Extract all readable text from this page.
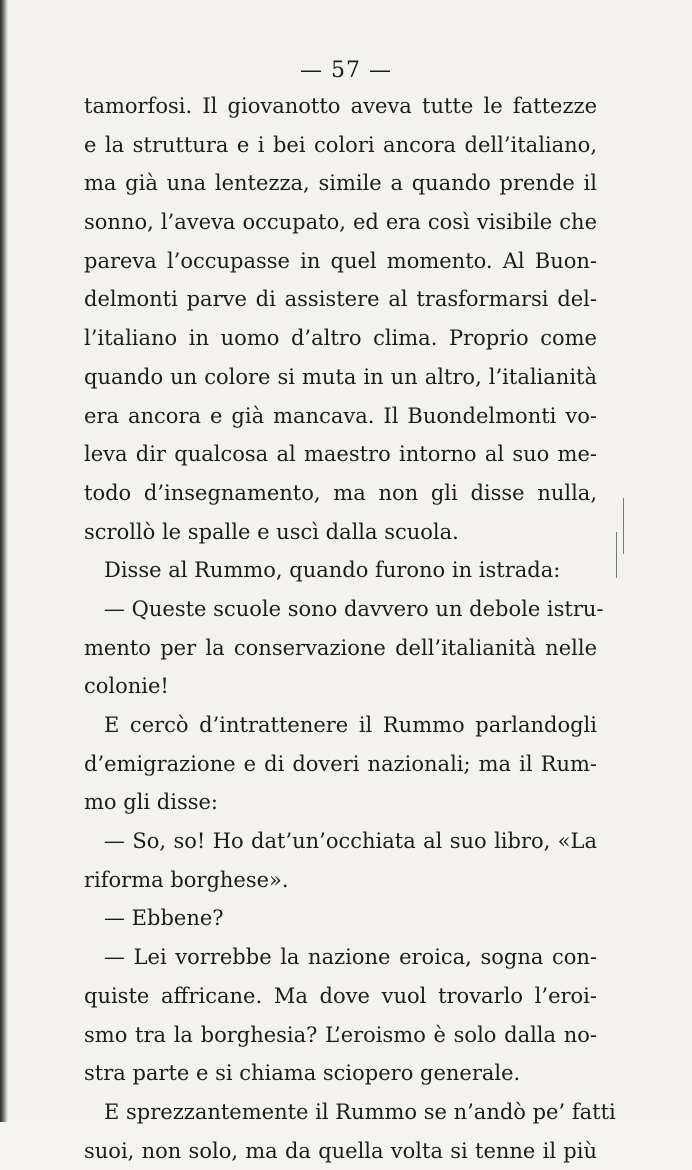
— 57 —
tamorfosi. Il giovanotto aveva tutte le fattezze
e la struttura e i bei colori ancora dell’italiano,
ma già una lentezza, simile a quando prende il
sonno, l’aveva occupato, ed era così visibile che
pareva l’occupasse in quel momento. Al Buon-
delmonti parve di assistere al trasformarsi del-
l’italiano in uomo d’altro clima. Proprio come
quando un colore si muta in un altro, l’italianità
era ancora e già mancava. Il Buondelmonti vo-
leva dir qualcosa al maestro intorno al suo me-
todo d’insegnamento, ma non gli disse nulla,
scrollò le spalle e uscì dalla scuola.
Disse al Rummo, quando furono in istrada:
— Queste scuole sono davvero un debole istru-
mento per la conservazione dell’italianità nelle
colonie!
E cercò d’intrattenere il Rummo parlandogli
d’emigrazione e di doveri nazionali; ma il Rum-
mo gli disse:
— So, so! Ho dat’un’occhiata al suo libro, «La
riforma borghese».
— Ebbene?
— Lei vorrebbe la nazione eroica, sogna con-
quiste affricane. Ma dove vuol trovarlo l’eroi-
smo tra la borghesia? L’eroismo è solo dalla no-
stra parte e si chiama sciopero generale.
E sprezzantemente il Rummo se n’andò pe’ fatti
suoi, non solo, ma da quella volta si tenne il più
